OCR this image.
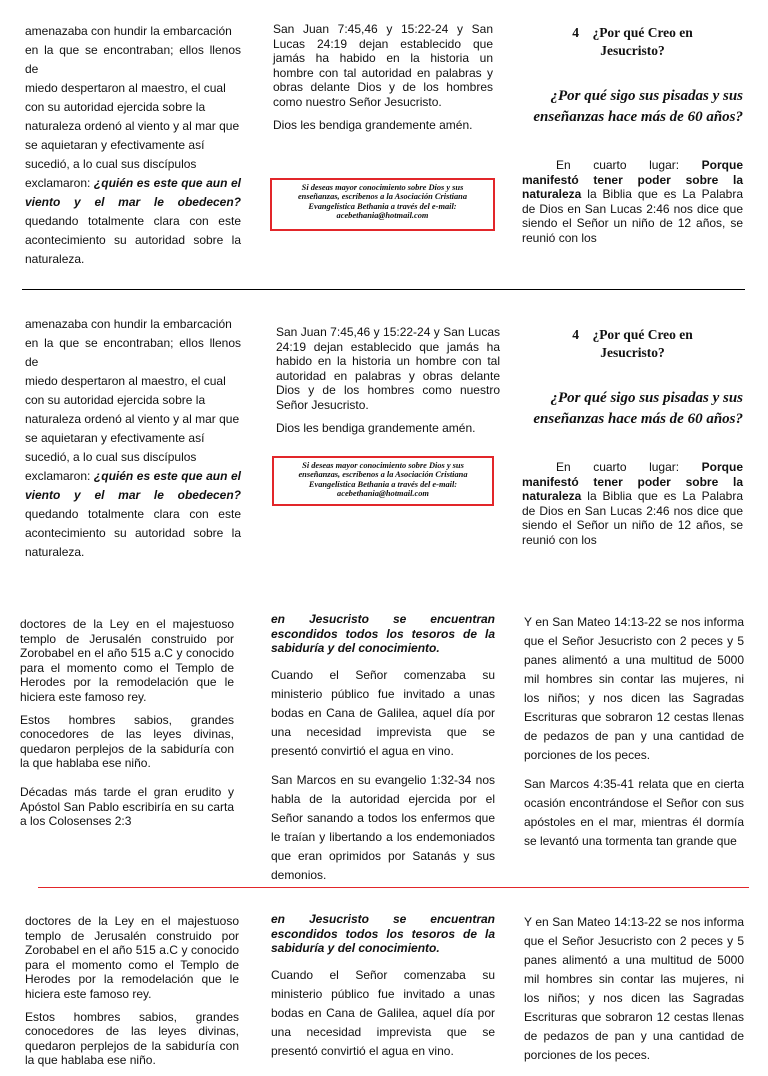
amenazaba con hundir la embarcación
en la que se encontraban; ellos llenos de
miedo despertaron al maestro, el cual
con su autoridad ejercida sobre la
naturaleza ordenó al viento y al mar que
se aquietaran y efectivamente así
sucedió, a lo cual sus discípulos
exclamaron: ¿quién es este que aun el viento y el mar le obedecen? quedando totalmente clara con este acontecimiento su autoridad sobre la naturaleza.

San Juan 7:45,46 y 15:22-24 y San Lucas 24:19 dejan establecido que jamás ha habido en la historia un hombre con tal autoridad en palabras y obras delante Dios y de los hombres como nuestro Señor Jesucristo.

Dios les bendiga grandemente amén.

Si deseas mayor conocimiento sobre Dios y sus
enseñanzas, escríbenos a la Asociación Cristiana
Evangelística Bethania a través del e-mail:
acebethania@hotmail.com
4 ¿Por qué Creo en
Jesucristo?
¿Por qué sigo sus pisadas y sus enseñanzas hace más de 60 años?

En cuarto lugar: Porque manifestó tener poder sobre la naturaleza la Biblia que es La Palabra de Dios en San Lucas 2:46 nos dice que siendo el Señor un niño de 12 años, se reunió con los

amenazaba con hundir la embarcación
en la que se encontraban; ellos llenos de
miedo despertaron al maestro, el cual
con su autoridad ejercida sobre la
naturaleza ordenó al viento y al mar que
se aquietaran y efectivamente así
sucedió, a lo cual sus discípulos
exclamaron: ¿quién es este que aun el viento y el mar le obedecen? quedando totalmente clara con este acontecimiento su autoridad sobre la naturaleza.

San Juan 7:45,46 y 15:22-24 y San Lucas 24:19 dejan establecido que jamás ha habido en la historia un hombre con tal autoridad en palabras y obras delante Dios y de los hombres como nuestro Señor Jesucristo.

Dios les bendiga grandemente amén.

Si deseas mayor conocimiento sobre Dios y sus
enseñanzas, escríbenos a la Asociación Cristiana
Evangelística Bethania a través del e-mail:
acebethania@hotmail.com
4 ¿Por qué Creo en
Jesucristo?
¿Por qué sigo sus pisadas y sus enseñanzas hace más de 60 años?

En cuarto lugar: Porque manifestó tener poder sobre la naturaleza la Biblia que es La Palabra de Dios en San Lucas 2:46 nos dice que siendo el Señor un niño de 12 años, se reunió con los

doctores de la Ley en el majestuoso templo de Jerusalén construido por Zorobabel en el año 515 a.C y conocido para el momento como el Templo de Herodes por la remodelación que le hiciera este famoso rey.

Estos hombres sabios, grandes conocedores de las leyes divinas, quedaron perplejos de la sabiduría con la que hablaba ese niño.

Décadas más tarde el gran erudito y Apóstol San Pablo escribiría en su carta a los Colosenses 2:3

en Jesucristo se encuentran escondidos todos los tesoros de la sabiduría y del conocimiento.

Cuando el Señor comenzaba su ministerio público fue invitado a unas bodas en Cana de Galilea, aquel día por una necesidad imprevista que se presentó convirtió el agua en vino.

San Marcos en su evangelio 1:32-34 nos habla de la autoridad ejercida por el Señor sanando a todos los enfermos que le traían y libertando a los endemoniados que eran oprimidos por Satanás y sus demonios.

Y en San Mateo 14:13-22 se nos informa que el Señor Jesucristo con 2 peces y 5 panes alimentó a una multitud de 5000 mil hombres sin contar las mujeres, ni los niños; y nos dicen las Sagradas Escrituras que sobraron 12 cestas llenas de pedazos de pan y una cantidad de porciones de los peces.

San Marcos 4:35-41 relata que en cierta ocasión encontrándose el Señor con sus apóstoles en el mar, mientras él dormía se levantó una tormenta tan grande que

doctores de la Ley en el majestuoso templo de Jerusalén construido por Zorobabel en el año 515 a.C y conocido para el momento como el Templo de Herodes por la remodelación que le hiciera este famoso rey.

Estos hombres sabios, grandes conocedores de las leyes divinas, quedaron perplejos de la sabiduría con la que hablaba ese niño.

en Jesucristo se encuentran escondidos todos los tesoros de la sabiduría y del conocimiento.

Cuando el Señor comenzaba su ministerio público fue invitado a unas bodas en Cana de Galilea, aquel día por una necesidad imprevista que se presentó convirtió el agua en vino.

Y en San Mateo 14:13-22 se nos informa que el Señor Jesucristo con 2 peces y 5 panes alimentó a una multitud de 5000 mil hombres sin contar las mujeres, ni los niños; y nos dicen las Sagradas Escrituras que sobraron 12 cestas llenas de pedazos de pan y una cantidad de porciones de los peces.
